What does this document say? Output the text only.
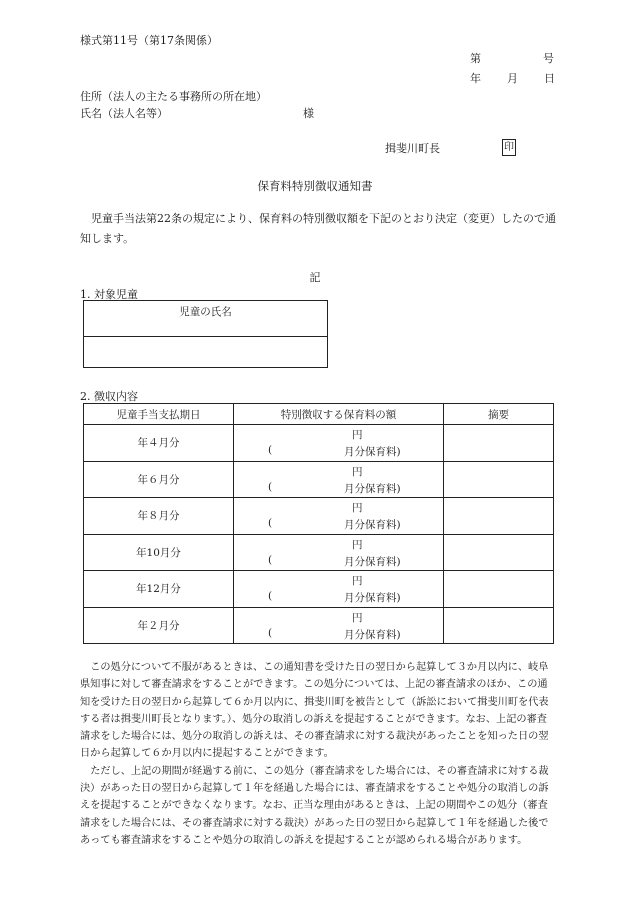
様式第11号（第17条関係）
第	号
年 月 日
住所（法人の主たる事務所の所在地）
氏名（法人名等）	様
揖斐川町長	印
保育料特別徴収通知書

児童手当法第22条の規定により、保育料の特別徴収額を下記のとおり決定（変更）したので通知します。

記
1. 対象児童
児童の氏名

2. 徴収内容
児童手当支払期日	特別徴収する保育料の額	摘要
年４月分	円
( 月分保育料)	

年６月分	円
( 月分保育料)	

年８月分	円
( 月分保育料)	

年10月分	円
( 月分保育料)	

年12月分	円
( 月分保育料)	

年２月分	円
( 月分保育料)	

この処分について不服があるときは、この通知書を受けた日の翌日から起算して３か月以内に、岐阜県知事に対して審査請求をすることができます。この処分については、上記の審査請求のほか、この通知を受けた日の翌日から起算して６か月以内に、揖斐川町を被告として（訴訟において揖斐川町を代表する者は揖斐川町長となります。）、処分の取消しの訴えを提起することができます。なお、上記の審査請求をした場合には、処分の取消しの訴えは、その審査請求に対する裁決があったことを知った日の翌日から起算して６か月以内に提起することができます。

ただし、上記の期間が経過する前に、この処分（審査請求をした場合には、その審査請求に対する裁決）があった日の翌日から起算して１年を経過した場合には、審査請求をすることや処分の取消しの訴えを提起することができなくなります。なお、正当な理由があるときは、上記の期間やこの処分（審査請求をした場合には、その審査請求に対する裁決）があった日の翌日から起算して１年を経過した後であっても審査請求をすることや処分の取消しの訴えを提起することが認められる場合があります。
